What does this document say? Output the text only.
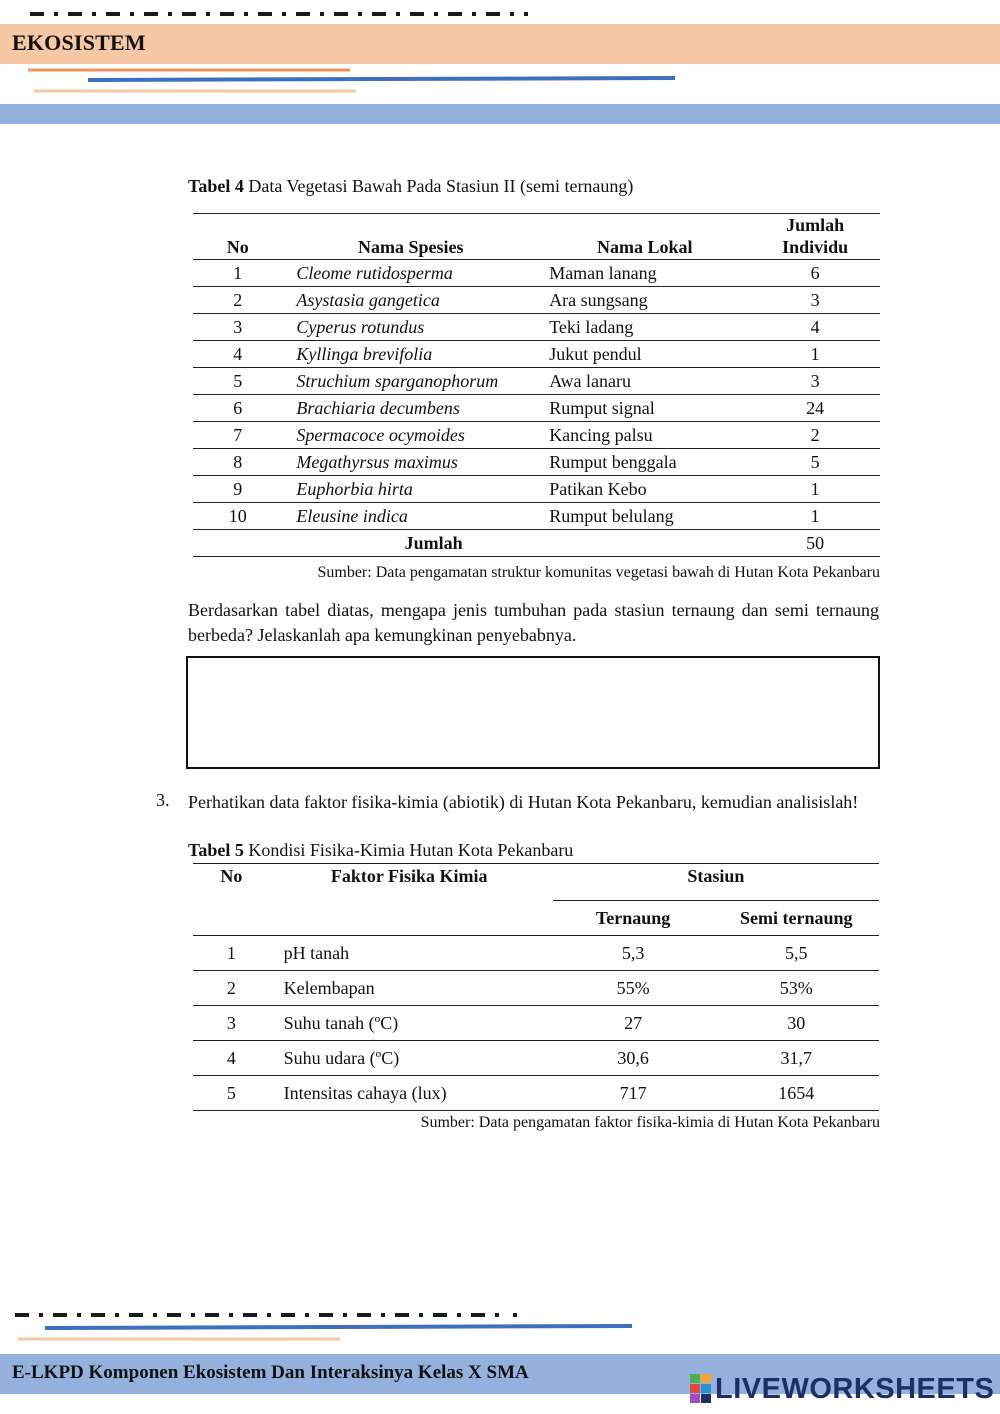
EKOSISTEM
Tabel 4 Data Vegetasi Bawah Pada Stasiun II (semi ternaung)
No	Nama Spesies	Nama Lokal	Jumlah
Individu
1	Cleome rutidosperma	Maman lanang	6
2	Asystasia gangetica	Ara sungsang	3
3	Cyperus rotundus	Teki ladang	4
4	Kyllinga brevifolia	Jukut pendul	1
5	Struchium sparganophorum	Awa lanaru	3
6	Brachiaria decumbens	Rumput signal	24
7	Spermacoce ocymoides	Kancing palsu	2
8	Megathyrsus maximus	Rumput benggala	5
9	Euphorbia hirta	Patikan Kebo	1
10	Eleusine indica	Rumput belulang	1
Jumlah			50
Sumber: Data pengamatan struktur komunitas vegetasi bawah di Hutan Kota Pekanbaru
Berdasarkan tabel diatas, mengapa jenis tumbuhan pada stasiun ternaung dan semi ternaung berbeda? Jelaskanlah apa kemungkinan penyebabnya.
3. Perhatikan data faktor fisika-kimia (abiotik) di Hutan Kota Pekanbaru, kemudian analisislah!
Tabel 5 Kondisi Fisika-Kimia Hutan Kota Pekanbaru
No	Faktor Fisika Kimia	Stasiun	
		Ternaung	Semi ternaung
1	pH tanah	5,3	5,5
2	Kelembapan	55%	53%
3	Suhu tanah (ºC)	27	30
4	Suhu udara (ºC)	30,6	31,7
5	Intensitas cahaya (lux)	717	1654
Sumber: Data pengamatan faktor fisika-kimia di Hutan Kota Pekanbaru
E-LKPD Komponen Ekosistem Dan Interaksinya Kelas X SMA	LIVEWORKSHEETS
